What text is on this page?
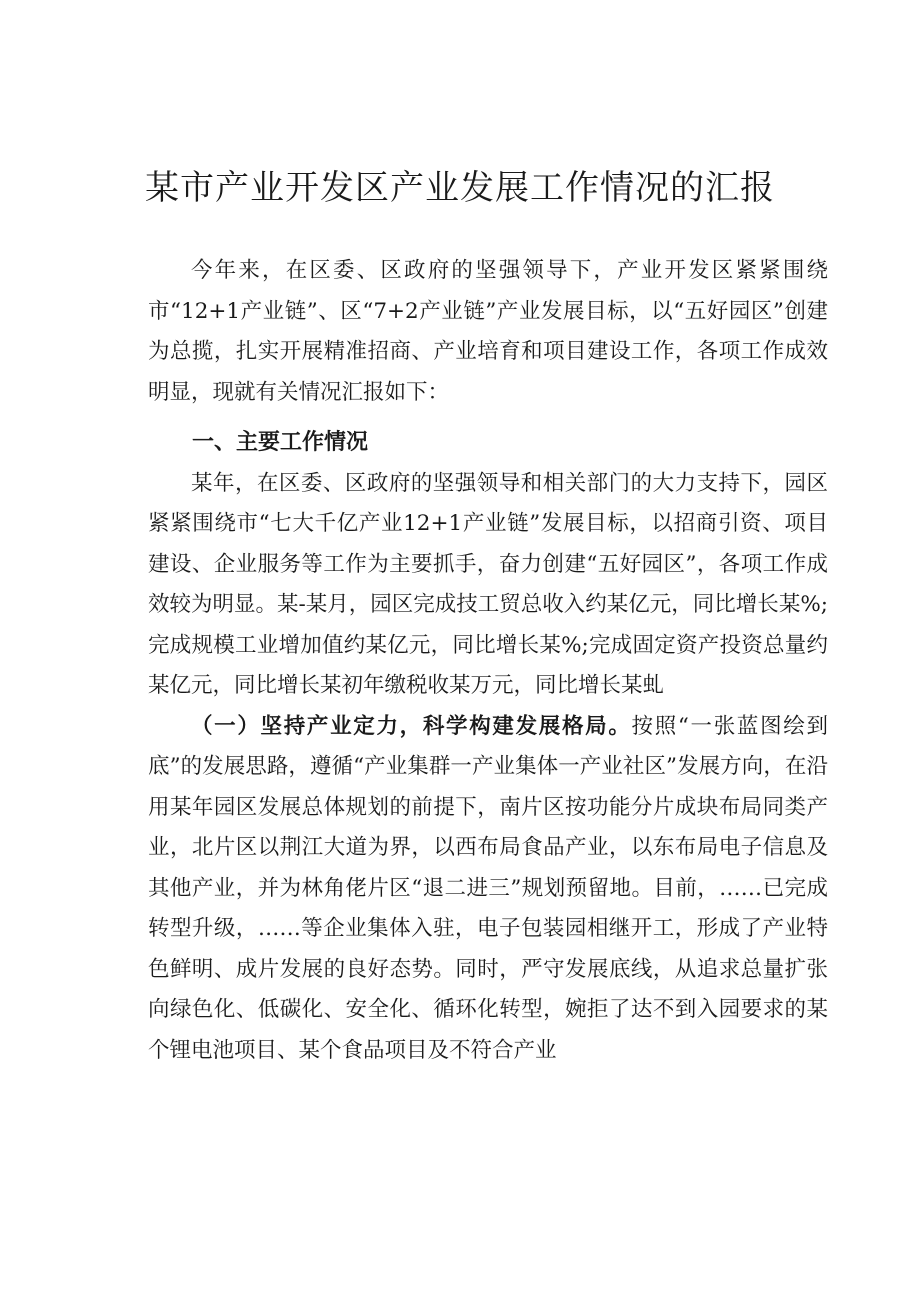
某市产业开发区产业发展工作情况的汇报

今年来，在区委、区政府的坚强领导下，产业开发区紧紧围绕市“12+1产业链”、区“7+2产业链”产业发展目标，以“五好园区”创建为总揽，扎实开展精准招商、产业培育和项目建设工作，各项工作成效明显，现就有关情况汇报如下：

一、主要工作情况

某年，在区委、区政府的坚强领导和相关部门的大力支持下，园区紧紧围绕市“七大千亿产业12+1产业链”发展目标，以招商引资、项目建设、企业服务等工作为主要抓手，奋力创建“五好园区”，各项工作成效较为明显。某-某月，园区完成技工贸总收入约某亿元，同比增长某%;完成规模工业增加值约某亿元，同比增长某%;完成固定资产投资总量约某亿元，同比增长某初年缴税收某万元，同比增长某虬

（一）坚持产业定力，科学构建发展格局。按照“一张蓝图绘到底”的发展思路，遵循“产业集群一产业集体一产业社区”发展方向，在沿用某年园区发展总体规划的前提下，南片区按功能分片成块布局同类产业，北片区以荆江大道为界，以西布局食品产业，以东布局电子信息及其他产业，并为林角佬片区“退二进三”规划预留地。目前，……已完成转型升级，……等企业集体入驻，电子包装园相继开工，形成了产业特色鲜明、成片发展的良好态势。同时，严守发展底线，从追求总量扩张向绿色化、低碳化、安全化、循环化转型，婉拒了达不到入园要求的某个锂电池项目、某个食品项目及不符合产业
